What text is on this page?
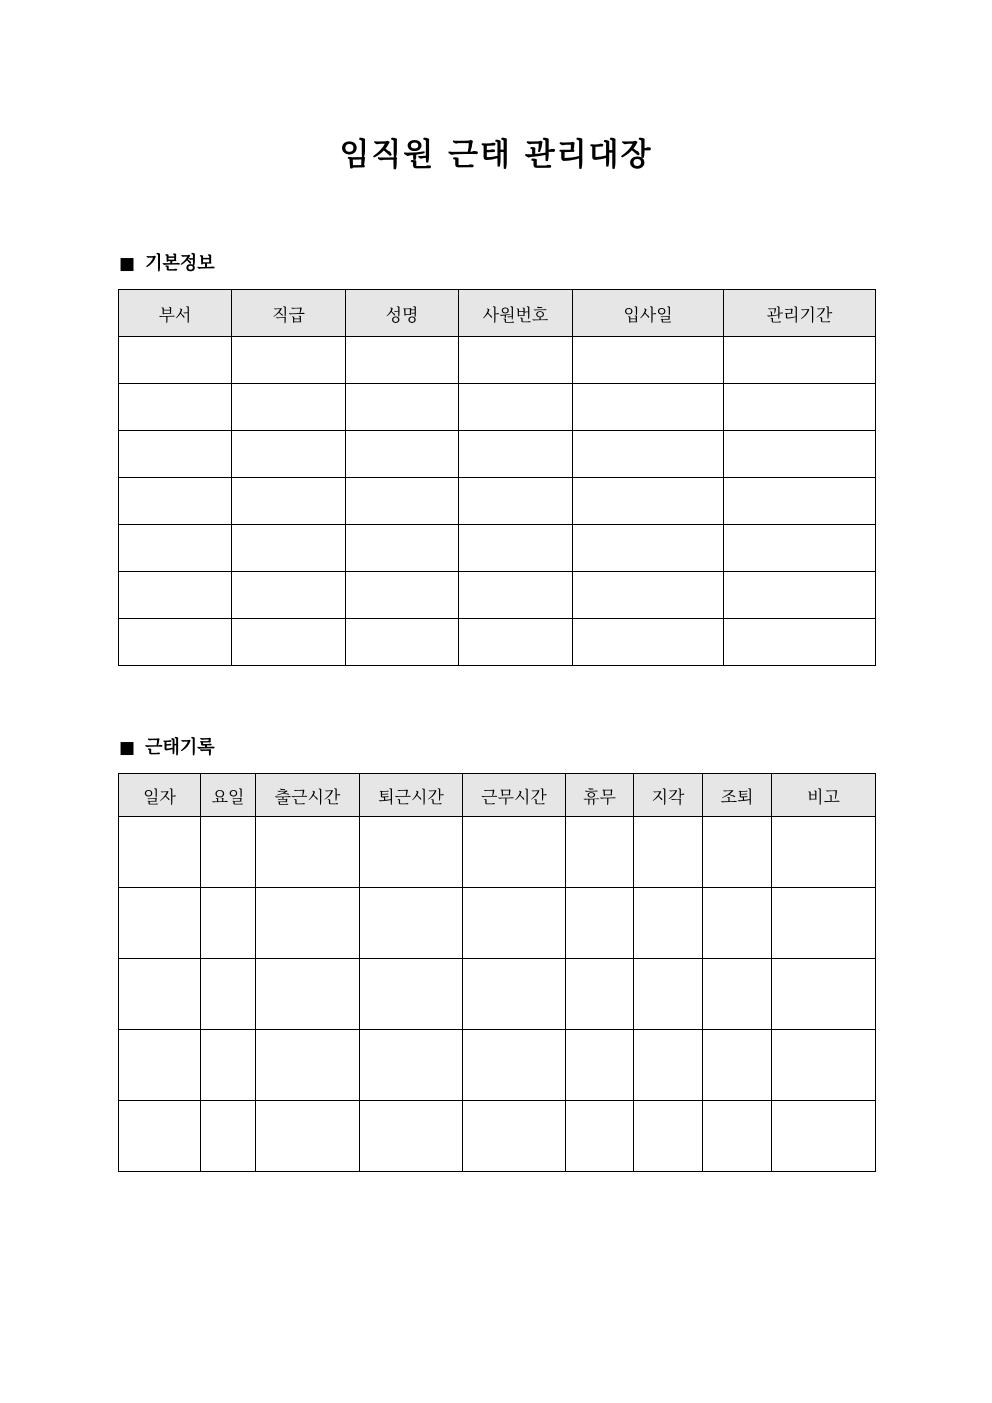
임직원 근태 관리대장
■ 기본정보
부서	직급	성명	사원번호	입사일	관리기간

■ 근태기록
일자	요일	출근시간	퇴근시간	근무시간	휴무	지각	조퇴	비고
